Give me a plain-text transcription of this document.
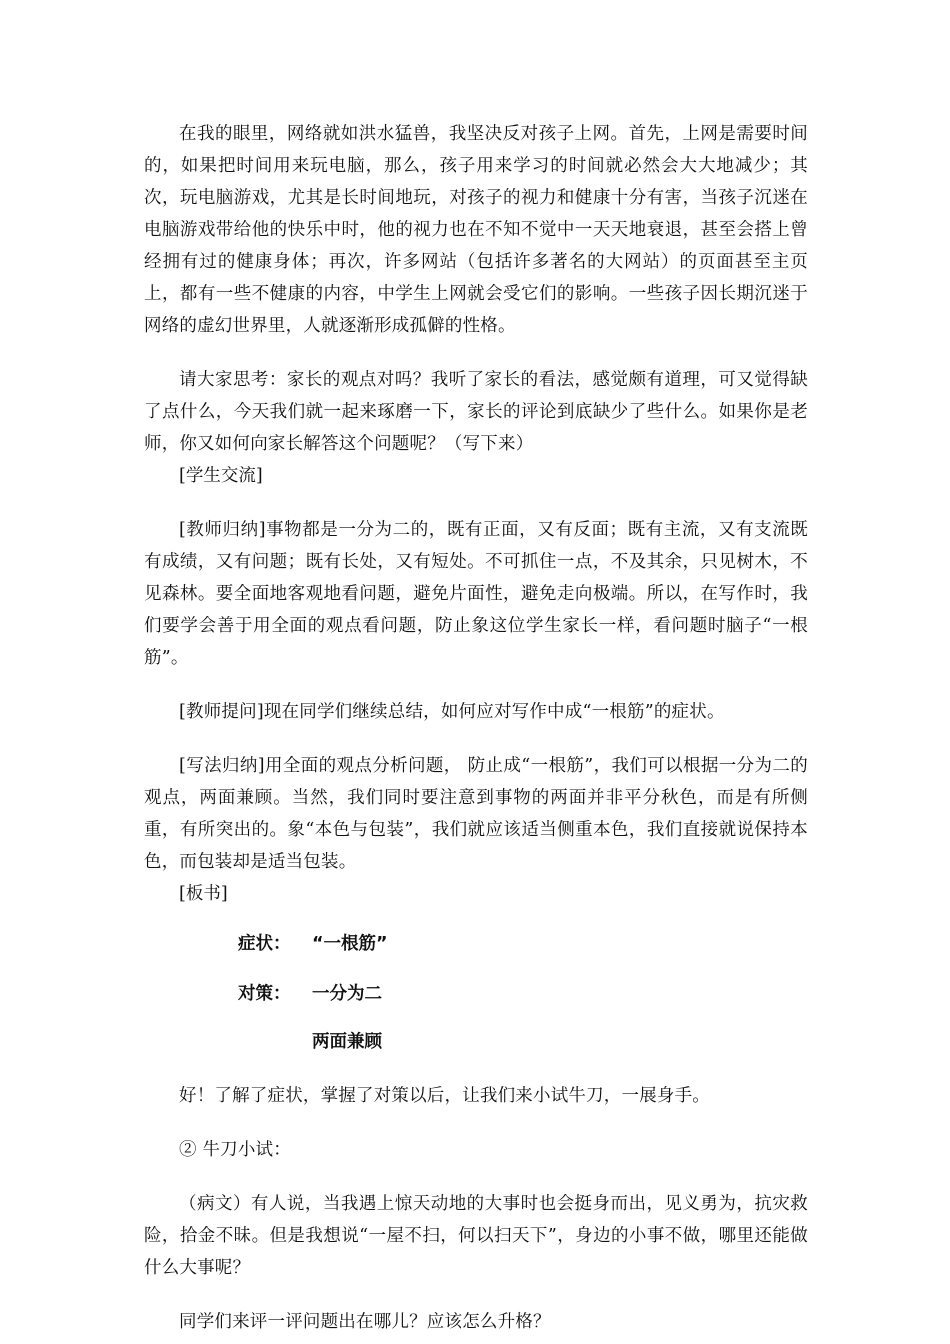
在我的眼里，网络就如洪水猛兽，我坚决反对孩子上网。首先，上网是需要时间的，如果把时间用来玩电脑，那么，孩子用来学习的时间就必然会大大地减少；其次，玩电脑游戏，尤其是长时间地玩，对孩子的视力和健康十分有害，当孩子沉迷在电脑游戏带给他的快乐中时，他的视力也在不知不觉中一天天地衰退，甚至会搭上曾经拥有过的健康身体；再次，许多网站（包括许多著名的大网站）的页面甚至主页上，都有一些不健康的内容，中学生上网就会受它们的影响。一些孩子因长期沉迷于网络的虚幻世界里，人就逐渐形成孤僻的性格。

请大家思考：家长的观点对吗？我听了家长的看法，感觉颇有道理，可又觉得缺了点什么，今天我们就一起来琢磨一下，家长的评论到底缺少了些什么。如果你是老师，你又如何向家长解答这个问题呢？（写下来）

[学生交流]

[教师归纳]事物都是一分为二的，既有正面，又有反面；既有主流，又有支流既有成绩，又有问题；既有长处，又有短处。不可抓住一点，不及其余，只见树木，不见森林。要全面地客观地看问题，避免片面性，避免走向极端。所以，在写作时，我们要学会善于用全面的观点看问题，防止象这位学生家长一样，看问题时脑子“一根筋”。

[教师提问]现在同学们继续总结，如何应对写作中成“一根筋”的症状。

[写法归纳]用全面的观点分析问题， 防止成“一根筋”，我们可以根据一分为二的观点，两面兼顾。当然，我们同时要注意到事物的两面并非平分秋色，而是有所侧重，有所突出的。象“本色与包装”，我们就应该适当侧重本色，我们直接就说保持本色，而包装却是适当包装。

[板书]

症状： “一根筋”

对策： 一分为二

两面兼顾

好！了解了症状，掌握了对策以后，让我们来小试牛刀，一展身手。

② 牛刀小试：

（病文）有人说，当我遇上惊天动地的大事时也会挺身而出，见义勇为，抗灾救险，拾金不昧。但是我想说“一屋不扫，何以扫天下”，身边的小事不做，哪里还能做什么大事呢？

同学们来评一评问题出在哪儿？应该怎么升格？
